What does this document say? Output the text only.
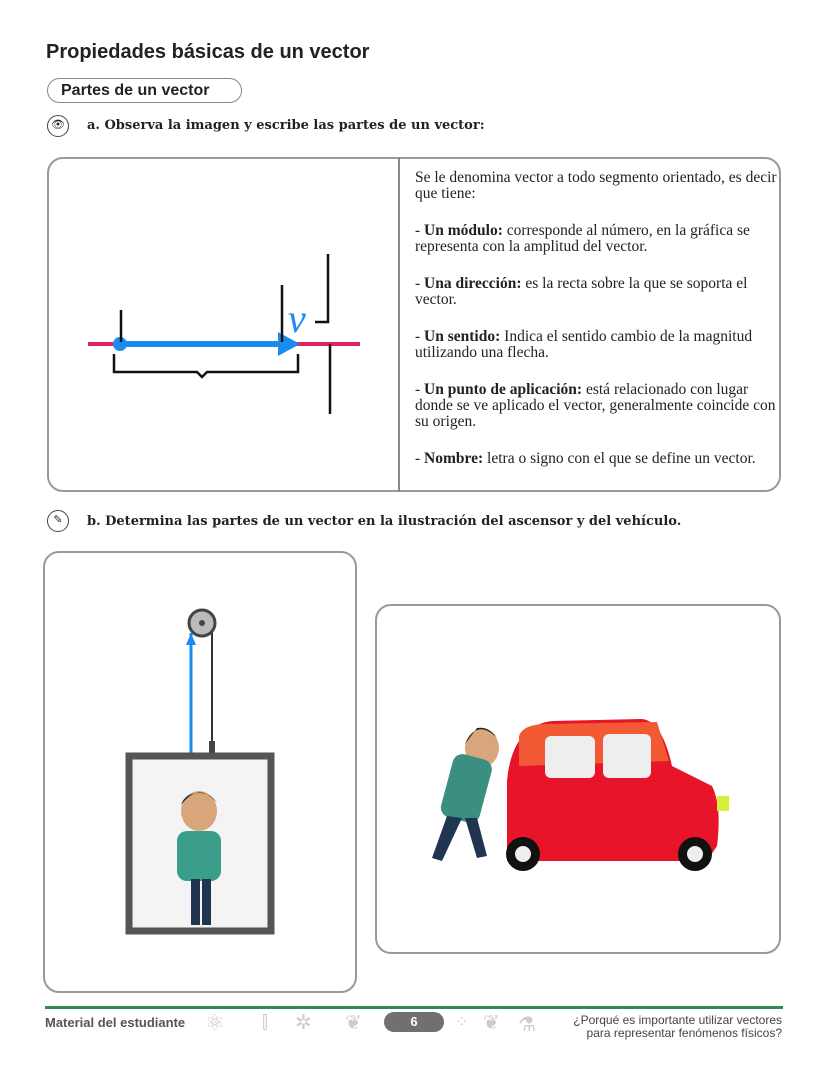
Propiedades básicas de un vector
Partes de un vector
👁	a. Observa la imagen y escribe las partes de un vector:
v

Se le denomina vector a todo segmento orientado, es decir que tiene:

- Un módulo: corresponde al número, en la gráfica se representa con la amplitud del vector.

- Una dirección: es la recta sobre la que se soporta el vector.

- Un sentido: Indica el sentido cambio de la magnitud utilizando una flecha.

- Un punto de aplicación: está relacionado con lugar donde se ve aplicado el vector, generalmente coincide con su origen.

- Nombre: letra o signo con el que se define un vector.

✎	b. Determina las partes de un vector en la ilustración del ascensor y del vehículo.
Material del estudiante ⚛ ⫿ ✲ ❦	6	⁘ ❦ ⚗	¿Porqué es importante utilizar vectores
para representar fenómenos físicos?
